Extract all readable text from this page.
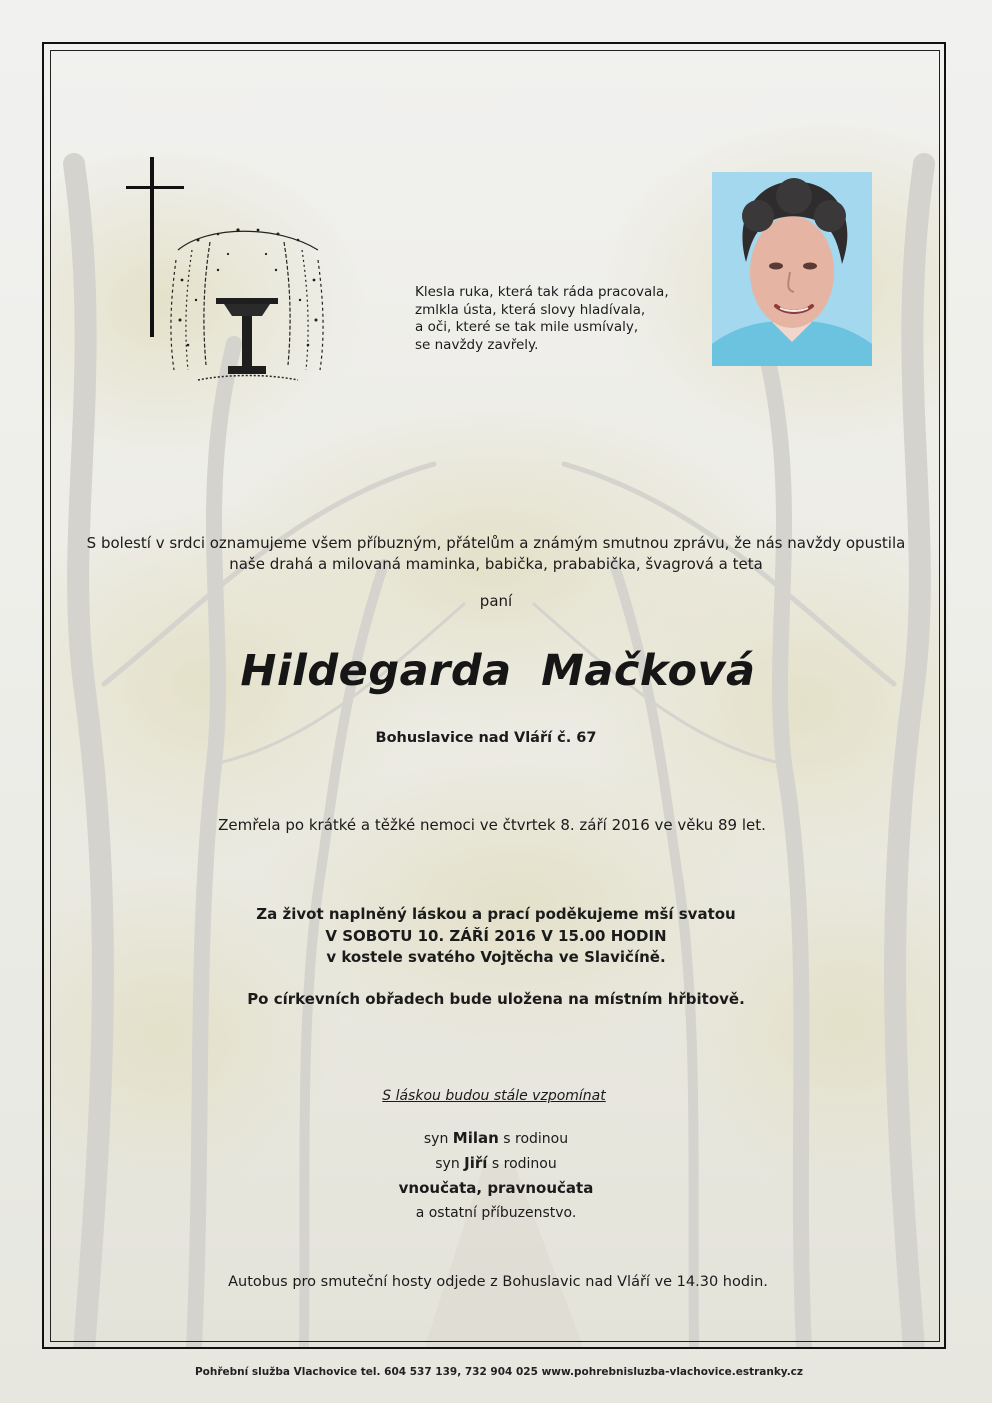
Klesla ruka, která tak ráda pracovala,
zmlkla ústa, která slovy hladívala,
a oči, které se tak mile usmívaly,
se navždy zavřely.
S bolestí v srdci oznamujeme všem příbuzným, přátelům a známým smutnou zprávu, že nás navždy opustila
naše drahá a milovaná maminka, babička, prababička, švagrová a teta
paní
Hildegarda Mačková
Bohuslavice nad Vláří č. 67
Zemřela po krátké a těžké nemoci ve čtvrtek 8. září 2016 ve věku 89 let.
Za život naplněný láskou a prací poděkujeme mší svatou
V SOBOTU 10. ZÁŘÍ 2016 V 15.00 HODIN
v kostele svatého Vojtěcha ve Slavičíně.
Po církevních obřadech bude uložena na místním hřbitově.
S láskou budou stále vzpomínat
syn Milan s rodinou
syn Jiří s rodinou
vnoučata, pravnoučata
a ostatní příbuzenstvo.
Autobus pro smuteční hosty odjede z Bohuslavic nad Vláří ve 14.30 hodin.
Pohřební služba Vlachovice tel. 604 537 139, 732 904 025 www.pohrebnisluzba-vlachovice.estranky.cz
